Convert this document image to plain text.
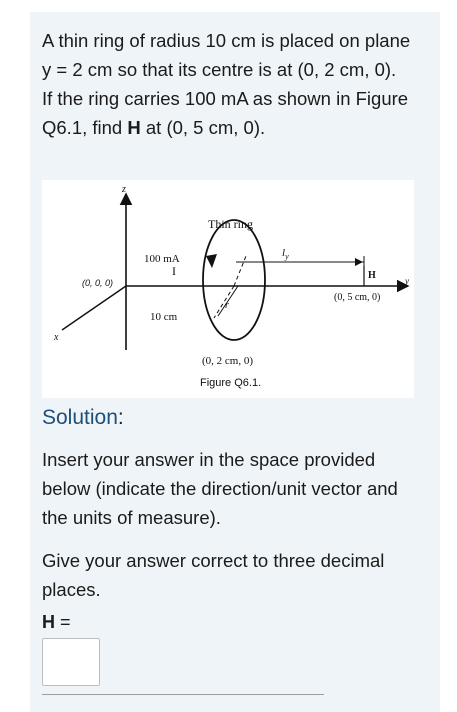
A thin ring of radius 10 cm is placed on plane y = 2 cm so that its centre is at (0, 2 cm, 0).

If the ring carries 100 mA as shown in Figure Q6.1, find H at (0, 5 cm, 0).

z
Thin ring
$l_y$
100 mA
I
(0, 0, 0)
H	y
(0, 5 cm, 0)
r
10 cm
x
(0, 2 cm, 0)
Figure Q6.1.
Solution:

Insert your answer in the space provided below (indicate the direction/unit vector and the units of measure).

Give your answer correct to three decimal places.

H =
